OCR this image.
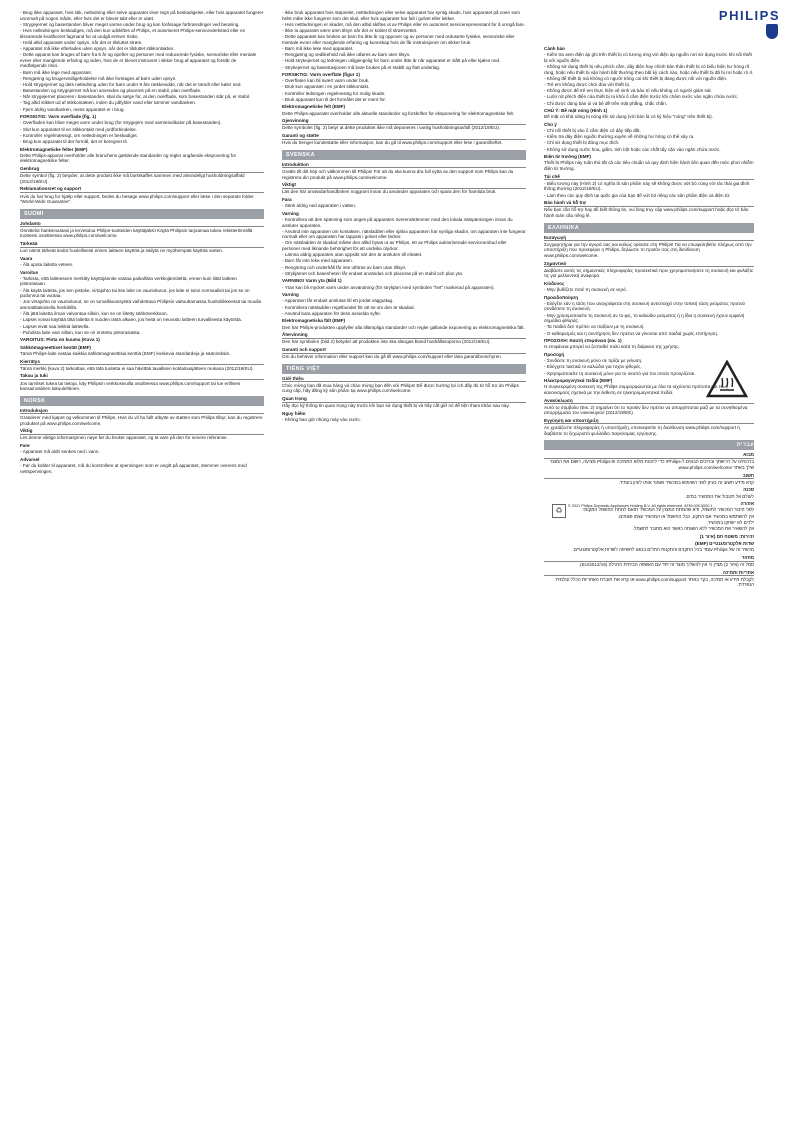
PHILIPS

- Brug ikke apparatet, hvis stik, netledning eller selve apparatet viser tegn på beskadigelse, eller hvis apparatet fungerer unormalt på nogen måde, eller hvis det er blevet tabt eller er utæt.

- Strygejernet og basestanden bliver meget varme under brug og kan forårsage forbrændinger ved berøring.

- Hvis netledningen beskadiges, må den kun udskiftes af Philips, et autoriseret Philips-serviceværksted eller en tilsvarende kvalificeret fagmand for at undgå enhver risiko.

- Hold altid apparatet under opsyn, når det er tilsluttet strøm.

- Apparatet må ikke efterlades uden opsyn, når det er tilsluttet stikkontakten.

- Dette apparat kan bruges af børn fra 8 år og opefter og personer med reducerede fysiske, sensoriske eller mentale evner eller manglende erfaring og viden, hvis de er blevet instrueret i sikker brug af apparatet og forstår de medfølgende risici.

- Børn må ikke lege med apparatet.

- Rengøring og brugervedligeholdelse må ikke foretages af børn uden opsyn.

- Hold strygejernet og dets netledning uden for børn under 8 års rækkevidde, når det er tændt eller køler ned.

- Basestanden og strygejernet må kun anvendes og placeres på en stabil, plan overflade.

- Når strygejernet placeres i basestanden, skal du sørge for, at den overflade, som basestanden står på, er stabil.

- Tag altid stikket ud af stikkontakten, inden du påfylder vand eller tømmer vandtanken.

- Fjern aldrig vandtanken, mens apparatet er i brug.

FORSIGTIG: Varm overflade (fig. 1)

- Overfladen kan blive meget varm under brug (for strygejern med varmeindikator på basestanden).

- Slut kun apparatet til en stikkontakt med jordforbindelse.

- Kontrollér regelmæssigt, om netledningen er beskadiget.

- Brug kun apparatet til det formål, det er beregnet til.

Elektromagnetiske felter (EMF)

Dette Philips-apparat overholder alle branchens gældende standarder og regler angående eksponering for elektromagnetiske felter.

Genbrug

Dette symbol (fig. 2) betyder, at dette produkt ikke må bortskaffes sammen med almindeligt husholdningsaffald (2012/19/EU).

Reklamationsret og support

Hvis du har brug for hjælp eller support, bedes du besøge www.philips.com/support eller læse i den separate folder "World-Wide Guarantee".

SUOMI

Johdanto

Onnittelut hankinnastasi ja tervetuloa Philips-tuotteiden käyttäjäksi! Käytä Philipsin tarjoamaa tukea rekisteröimällä tuotteesi osoitteessa www.philips.com/welcome.

Tärkeää

Lue nämä tärkeät tiedot huolellisesti ennen laitteen käyttöä ja säilytä ne myöhempää käyttöä varten.

Vaara

- Älä upota laitetta veteen.

Varoitus

- Tarkista, että laitteeseen merkitty käyttöjännite vastaa paikallista verkkojännitettä, ennen kuin liität laitteen pistorasiaan.

- Älä käytä laitetta, jos sen pistoke, virtajohto tai itse laite on vaurioitunut, jos laite ei toimi normaalisti tai jos se on pudonnut tai vuotaa.

- Jos virtajohto on vaurioitunut, se on turvallisuussyistä vaihdettava Philipsin valtuuttamassa huoltoliikkeessä tai muulla ammattitaitoisella henkilöllä.

- Älä jätä laitetta ilman valvontaa silloin, kun se on liitetty sähköverkkoon.

- Lapset voivat käyttää tätä laitetta 8 vuoden iästä alkaen, jos heitä on neuvottu laitteen turvallisesta käytöstä.

- Lapset eivät saa leikkiä laitteella.

- Puhdista laite vain silloin, kun se on irrotettu pistorasiasta.

VAROITUS: Pinta on kuuma (Kuva 1)

Sähkömagneettiset kentät (EMF)

Tämä Philips-laite vastaa kaikkia sähkömagneettisia kenttiä (EMF) koskevia standardeja ja säännöksiä.

Kierrätys

Tämä merkki (kuva 2) tarkoittaa, että tätä tuotetta ei saa hävittää tavallisen kotitalousjätteen mukana (2012/19/EU).

Takuu ja tuki

Jos tarvitset tukea tai tietoja, käy Philipsin verkkosivuilla osoitteessa www.philips.com/support tai lue erillinen kansainvälinen takuulehtinen.

NORSK

Introduksjon

Gratulerer med kjøpet og velkommen til Philips. Hvis du vil ha fullt utbytte av støtten som Philips tilbyr, kan du registrere produktet på www.philips.com/welcome.

Viktig

Les denne viktige informasjonen nøye før du bruker apparatet, og ta vare på den for senere referanse.

Fare

- Apparatet må aldri senkes ned i vann.

Advarsel

- Før du kobler til apparatet, må du kontrollere at spenningen som er angitt på apparatet, stemmer overens med nettspenningen.

- Ikke bruk apparatet hvis støpselet, nettledningen eller selve apparatet har synlig skade, hvis apparatet på noen som helst måte ikke fungerer som det skal, eller hvis apparatet har falt i gulvet eller lekker.

- Hvis nettledningen er skadet, må den alltid skiftes ut av Philips eller en autorisert servicerepresentant for å unngå fare.

- Ikke la apparatet være uten tilsyn når det er koblet til strømnettet.

- Dette apparatet kan brukes av barn fra åtte år og oppover og av personer med reduserte fysiske, sensoriske eller mentale evner eller manglende erfaring og kunnskap hvis de får instruksjoner om sikker bruk.

- Barn må ikke leke med apparatet.

- Rengjøring og vedlikehold må ikke utføres av barn uten tilsyn.

- Hold strykejernet og ledningen utilgjengelig for barn under åtte år når apparatet er slått på eller kjøles ned.

- Strykejernet og basestasjonen må bare brukes på et stabilt og flatt underlag.

FORSIKTIG: Varm overflate (figur 1)

- Overflaten kan bli svært varm under bruk.

- Bruk kun apparatet i en jordet stikkontakt.

- Kontroller ledningen regelmessig for mulig skade.

- Bruk apparatet kun til det formålet det er ment for.

Elektromagnetiske felt (EMF)

Dette Philips-apparatet overholder alle aktuelle standarder og forskrifter for eksponering for elektromagnetiske felt.

Gjenvinning

Dette symbolet (fig. 2) betyr at dette produktet ikke må deponeres i vanlig husholdningsavfall (2012/19/EU).

Garanti og støtte

Hvis du trenger kundestøtte eller informasjon, kan du gå til www.philips.com/support eller lese i garantiheftet.

SVENSKA

Introduktion

Grattis till ditt köp och välkommen till Philips! För att du ska kunna dra full nytta av den support som Philips kan du registrera din produkt på www.philips.com/welcome.

Viktigt

Läs den här användarhandboken noggrant innan du använder apparaten och spara den för framtida bruk.

Fara

- Sänk aldrig ned apparaten i vatten.

Varning

- Kontrollera att den spänning som anges på apparaten överensstämmer med den lokala nätspänningen innan du ansluter apparaten.

- Använd inte apparaten om kontakten, nätsladden eller själva apparaten har synliga skador, om apparaten inte fungerar normalt eller om apparaten har tappats i golvet eller läcker.

- Om nätsladden är skadad måste den alltid bytas ut av Philips, ett av Philips auktoriserade serviceombud eller personer med liknande behörighet för att undvika olyckor.

- Lämna aldrig apparaten utan uppsikt när den är ansluten till elnätet.

- Barn får inte leka med apparaten.

- Rengöring och underhåll får inte utföras av barn utan tillsyn.

- Strykjärnet och basenheten får endast användas och placeras på en stabil och plan yta.

VARNING! Varm yta (Bild 1)

- Ytan kan bli mycket varm under användning (för strykjärn med symbolen "het" markerad på apparaten).

Varning

- Apparaten får endast anslutas till ett jordat vägguttag.

- Kontrollera nätsladden regelbundet för att se om den är skadad.

- Använd bara apparaten för dess avsedda syfte.

Elektromagnetiska fält (EMF)

Den här Philips-produkten uppfyller alla tillämpliga standarder och regler gällande exponering av elektromagnetiska fält.

Återvinning

Den här symbolen (bild 2) betyder att produkten inte ska slängas bland hushållssoporna (2012/19/EU).

Garanti och support

Om du behöver information eller support kan du gå till www.philips.com/support eller läsa garantibroschyren.

TIẾNG VIỆT

Giới thiệu

Chúc mừng bạn đã mua hàng và chào mừng bạn đến với Philips! Để được hưởng lợi ích đầy đủ từ hỗ trợ do Philips cung cấp, hãy đăng ký sản phẩm tại www.philips.com/welcome.

Quan trọng

Hãy đọc kỹ thông tin quan trọng này trước khi bạn sử dụng thiết bị và hãy cất giữ nó để tiện tham khảo sau này.

Nguy hiểm

- Không bao giờ nhúng máy vào nước.

Cảnh báo

- Kiểm tra xem điện áp ghi trên thiết bị có tương ứng với điện áp nguồn nơi sử dụng trước khi nối thiết bị với nguồn điện.

- Không sử dụng thiết bị nếu phích cắm, dây điện hay chính bản thân thiết bị có biểu hiện hư hỏng rõ ràng, hoặc nếu thiết bị vận hành bất thường theo bất kỳ cách nào, hoặc nếu thiết bị đã bị rơi hoặc rò rỉ.

- Không để thiết bị mà không có người trông coi khi thiết bị đang được nối với nguồn điện.

- Trẻ em không được chơi đùa với thiết bị.

- Không được để trẻ em thực hiện vệ sinh và bảo trì nếu không có người giám sát.

- Luôn rút phích điện của thiết bị ra khỏi ổ cắm điện trước khi châm nước vào ngăn chứa nước.

- Chỉ được dùng bàn ủi và bệ đế trên mặt phẳng, chắc chắn.

CHÚ Ý: Bề mặt nóng (Hình 1)

Bề mặt có khả năng bị nóng khi sử dụng (với bàn là có ký hiệu "nóng" trên thiết bị).

Chú ý

- Chỉ nối thiết bị vào ổ cắm điện có dây tiếp đất.

- Kiểm tra dây điện nguồn thường xuyên về những hư hỏng có thể xảy ra.

- Chỉ sử dụng thiết bị đúng mục đích.

- Không sử dụng nước hoa, giấm, tinh bột hoặc các chất tẩy cặn vào ngăn chứa nước.

Điện từ trường (EMF)

Thiết bị Philips này tuân thủ tất cả các tiêu chuẩn và quy định hiện hành liên quan đến mức phơi nhiễm điện từ trường.

Tái chế

- Biểu tượng này (Hình 2) có nghĩa là sản phẩm này sẽ không được vứt bỏ cùng với rác thải gia đình thông thường (2012/19/EU).

- Làm theo các quy định tại quốc gia của bạn để vứt bỏ riêng các sản phẩm điện và điện tử.

Bảo hành và hỗ trợ

Nếu bạn cần hỗ trợ hay để biết thông tin, vui lòng truy cập www.philips.com/support hoặc đọc tờ bảo hành toàn cầu riêng lẻ.

ΕΛΛΗΝΙΚΑ

Εισαγωγή

Συγχαρητήρια για την αγορά σας και καλώς ορίσατε στη Philips! Για να επωφεληθείτε πλήρως από την υποστήριξη που προσφέρει η Philips, δηλώστε το προϊόν σας στη διεύθυνση www.philips.com/welcome.

Σημαντικό

Διαβάστε αυτές τις σημαντικές πληροφορίες προσεκτικά πριν χρησιμοποιήσετε τη συσκευή και φυλάξτε τις για μελλοντική αναφορά.

Κίνδυνος

- Μην βυθίζετε ποτέ τη συσκευή σε νερό.

Προειδοποίηση

- Ελέγξτε εάν η τάση που αναγράφεται στη συσκευή αντιστοιχεί στην τοπική τάση ρεύματος προτού συνδέσετε τη συσκευή.

- Μην χρησιμοποιείτε τη συσκευή αν το φις, το καλώδιο ρεύματος ή η ίδια η συσκευή έχουν εμφανή σημάδια φθοράς.

- Τα παιδιά δεν πρέπει να παίζουν με τη συσκευή.

- Ο καθαρισμός και η συντήρηση δεν πρέπει να γίνονται από παιδιά χωρίς επιτήρηση.

ΠΡΟΣΟΧΗ: Καυτή επιφάνεια (εικ. 1)

Η επιφάνεια μπορεί να ζεσταθεί πολύ κατά τη διάρκεια της χρήσης.

Προσοχή

- Συνδέετε τη συσκευή μόνο σε πρίζα με γείωση.

- Ελέγχετε τακτικά το καλώδιο για τυχόν φθορές.

- Χρησιμοποιείτε τη συσκευή μόνο για το σκοπό για τον οποίο προορίζεται.

Ηλεκτρομαγνητικά πεδία (EMF)

Η συγκεκριμένη συσκευή της Philips συμμορφώνεται με όλα τα ισχύοντα πρότυπα και τους κανονισμούς σχετικά με την έκθεση σε ηλεκτρομαγνητικά πεδία.

Ανακύκλωση

Αυτό το σύμβολο (Εικ. 2) σημαίνει ότι το προϊόν δεν πρέπει να απορρίπτεται μαζί με τα συνηθισμένα απορρίμματα του νοικοκυριού (2012/19/ΕΕ).

Εγγύηση και υποστήριξη

Αν χρειάζεστε πληροφορίες ή υποστήριξη, επισκεφτείτε τη διεύθυνση www.philips.com/support ή διαβάστε το ξεχωριστό φυλλάδιο παγκόσμιας εγγύησης.

עברית

מבוא

ברכותינו על רכישתך וברוכים הבאים ל-Philips! כדי ליהנות מלוא התמיכה ש-Philips מציעה, רשום את המוצר שלך באתר www.philips.com/welcome.

חשוב

קרא מידע חשוב זה בעיון לפני השימוש במכשיר ושמור אותו לעיון בעתיד.

סכנה

לעולם אל תטבול את המכשיר במים.

אזהרה

לפני חיבור המכשיר לחשמל, ודא שהמתח המצוין על המכשיר תואם למתח החשמל המקומי.

אין להשתמש במכשיר אם התקע, כבל החשמל או המכשיר עצמו פגומים.

ילדים לא ישחקו במכשיר.

אין להשאיר את המכשיר ללא השגחה כאשר הוא מחובר לחשמל.

זהירות: משטח חם (איור 1)

שדות אלקטרומגנטיים (EMF)

מכשיר זה של Philips עומד בכל התקנים והתקנות החלים בנוגע לחשיפה לשדות אלקטרומגנטיים.

מחזור

סמל זה (איור 2) מציין כי אין להשליך מוצר זה יחד עם האשפה הביתית הרגילה (2012/19/EU).

אחריות ותמיכה

לקבלת מידע או תמיכה, בקר באתר www.philips.com/support או קרא את חוברת האחריות הכלל עולמית הנפרדת.

♻	© 2021 Philips Domestic Appliances Holding B.V. All rights reserved. 4239.000.0000.1
